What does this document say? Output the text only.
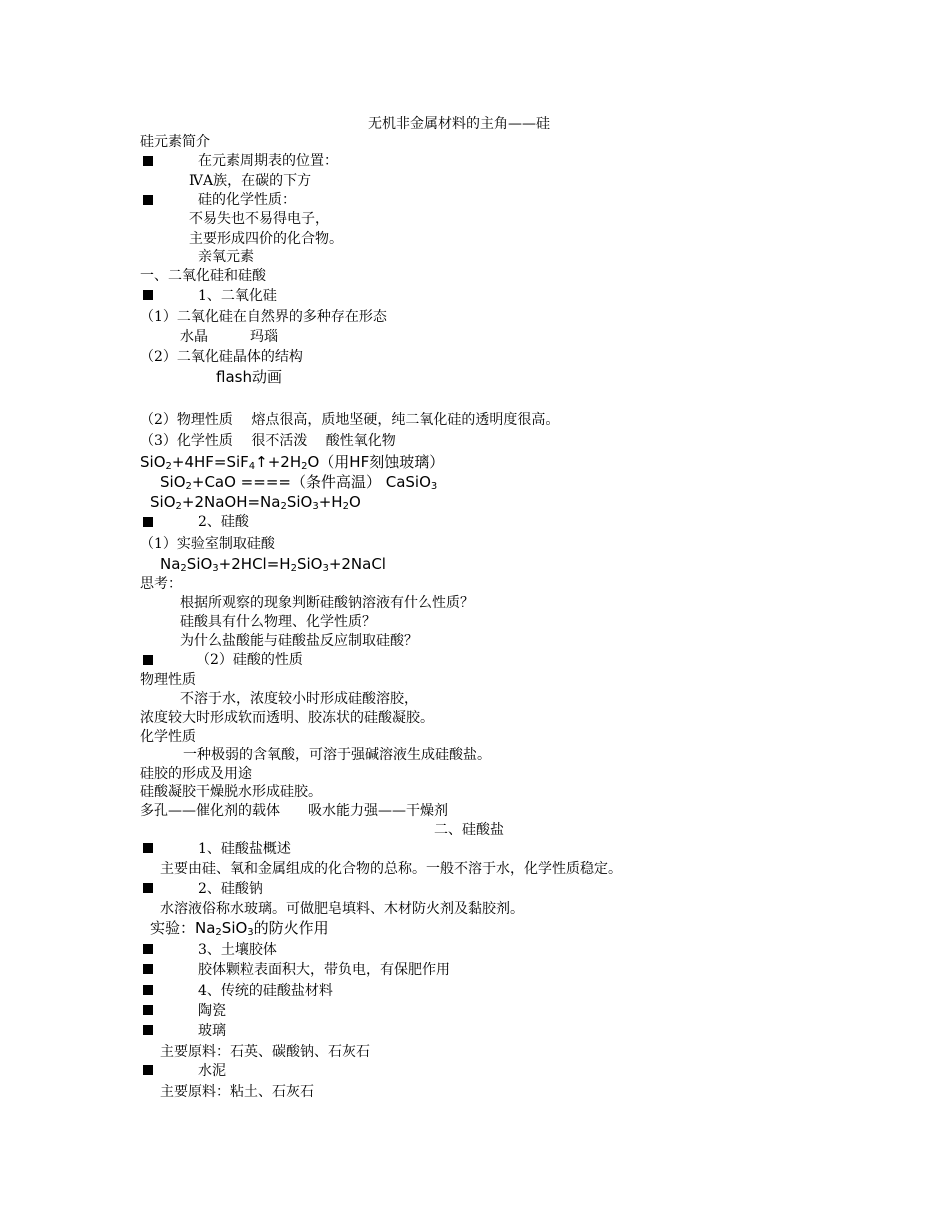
无机非金属材料的主角——硅
硅元素简介
在元素周期表的位置：
ⅣA族，在碳的下方
硅的化学性质：
不易失也不易得电子，
主要形成四价的化合物。
亲氧元素
一、二氧化硅和硅酸
1、二氧化硅
（1）二氧化硅在自然界的多种存在形态
水晶　　　玛瑙
（2）二氧化硅晶体的结构
flash动画
（2）物理性质　 熔点很高，质地坚硬，纯二氧化硅的透明度很高。
（3）化学性质　 很不活泼　 酸性氧化物
$SiO_2+4HF=SiF_4↑+2H_2O$（用HF刻蚀玻璃）
SiO$_2$+CaO ====（条件高温） CaSiO$_3$
$SiO_2+2NaOH=Na_2SiO_3+H_2O$
2、硅酸
（1）实验室制取硅酸
$Na_2SiO_3+2HCl=H_2SiO_3+2NaCl$
思考：
根据所观察的现象判断硅酸钠溶液有什么性质？
硅酸具有什么物理、化学性质？
为什么盐酸能与硅酸盐反应制取硅酸？
（2）硅酸的性质
物理性质
不溶于水，浓度较小时形成硅酸溶胶，
浓度较大时形成软而透明、胶冻状的硅酸凝胶。
化学性质
一种极弱的含氧酸，可溶于强碱溶液生成硅酸盐。
硅胶的形成及用途
硅酸凝胶干燥脱水形成硅胶。
多孔——催化剂的载体　　吸水能力强——干燥剂
二、硅酸盐
1、硅酸盐概述
主要由硅、氧和金属组成的化合物的总称。一般不溶于水，化学性质稳定。
2、硅酸钠
水溶液俗称水玻璃。可做肥皂填料、木材防火剂及黏胶剂。
实验：$Na_2SiO_3$的防火作用
3、土壤胶体
胶体颗粒表面积大，带负电，有保肥作用
4、传统的硅酸盐材料
陶瓷
玻璃
主要原料：石英、碳酸钠、石灰石
水泥
主要原料：粘土、石灰石
